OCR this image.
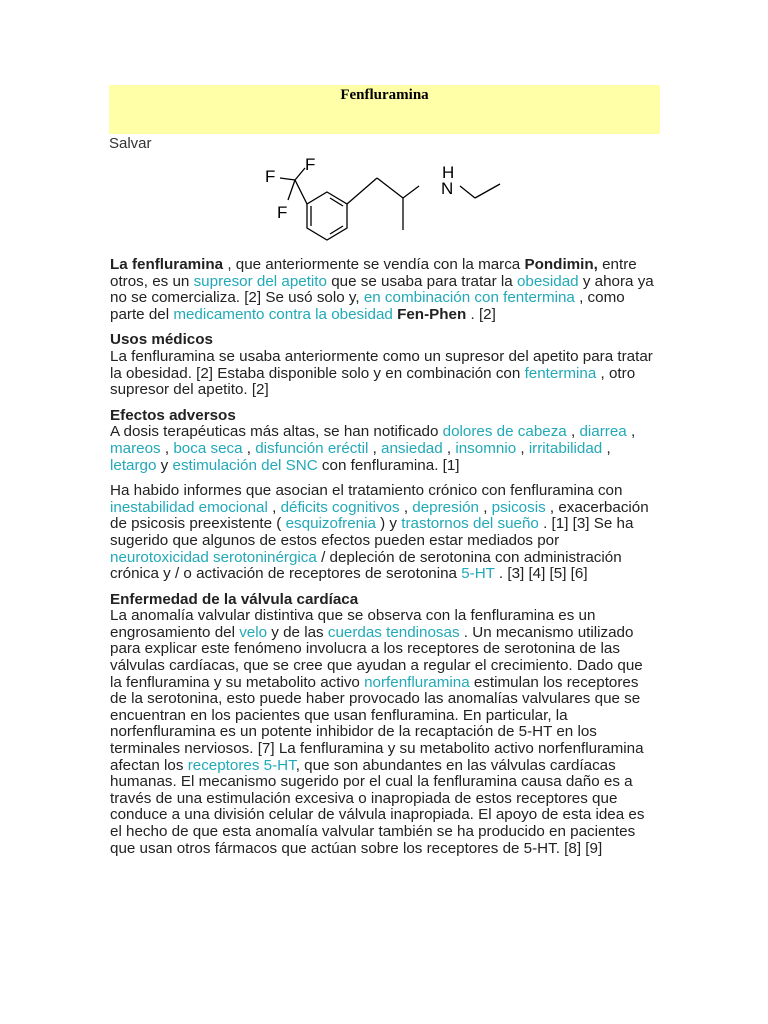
Fenfluramina
Salvar
F
F
F
H
N

La fenfluramina , que anteriormente se vendía con la marca Pondimin, entre otros, es un supresor del apetito que se usaba para tratar la obesidad y ahora ya no se comercializa. [2] Se usó solo y, en combinación con fentermina , como parte del medicamento contra la obesidad Fen-Phen . [2]

Usos médicos

La fenfluramina se usaba anteriormente como un supresor del apetito para tratar la obesidad. [2] Estaba disponible solo y en combinación con fentermina , otro supresor del apetito. [2]

Efectos adversos

A dosis terapéuticas más altas, se han notificado dolores de cabeza , diarrea , mareos , boca seca , disfunción eréctil , ansiedad , insomnio , irritabilidad , letargo y estimulación del SNC con fenfluramina. [1]

Ha habido informes que asocian el tratamiento crónico con fenfluramina con inestabilidad emocional , déficits cognitivos , depresión , psicosis , exacerbación de psicosis preexistente ( esquizofrenia ) y trastornos del sueño . [1] [3] Se ha sugerido que algunos de estos efectos pueden estar mediados por neurotoxicidad serotoninérgica / depleción de serotonina con administración crónica y / o activación de receptores de serotonina 5-HT . [3] [4] [5] [6]

Enfermedad de la válvula cardíaca

La anomalía valvular distintiva que se observa con la fenfluramina es un engrosamiento del velo y de las cuerdas tendinosas . Un mecanismo utilizado para explicar este fenómeno involucra a los receptores de serotonina de las válvulas cardíacas, que se cree que ayudan a regular el crecimiento. Dado que la fenfluramina y su metabolito activo norfenfluramina estimulan los receptores de la serotonina, esto puede haber provocado las anomalías valvulares que se encuentran en los pacientes que usan fenfluramina. En particular, la norfenfluramina es un potente inhibidor de la recaptación de 5-HT en los terminales nerviosos. [7] La fenfluramina y su metabolito activo norfenfluramina afectan los receptores 5-HT, que son abundantes en las válvulas cardíacas humanas. El mecanismo sugerido por el cual la fenfluramina causa daño es a través de una estimulación excesiva o inapropiada de estos receptores que conduce a una división celular de válvula inapropiada. El apoyo de esta idea es el hecho de que esta anomalía valvular también se ha producido en pacientes que usan otros fármacos que actúan sobre los receptores de 5-HT. [8] [9]
